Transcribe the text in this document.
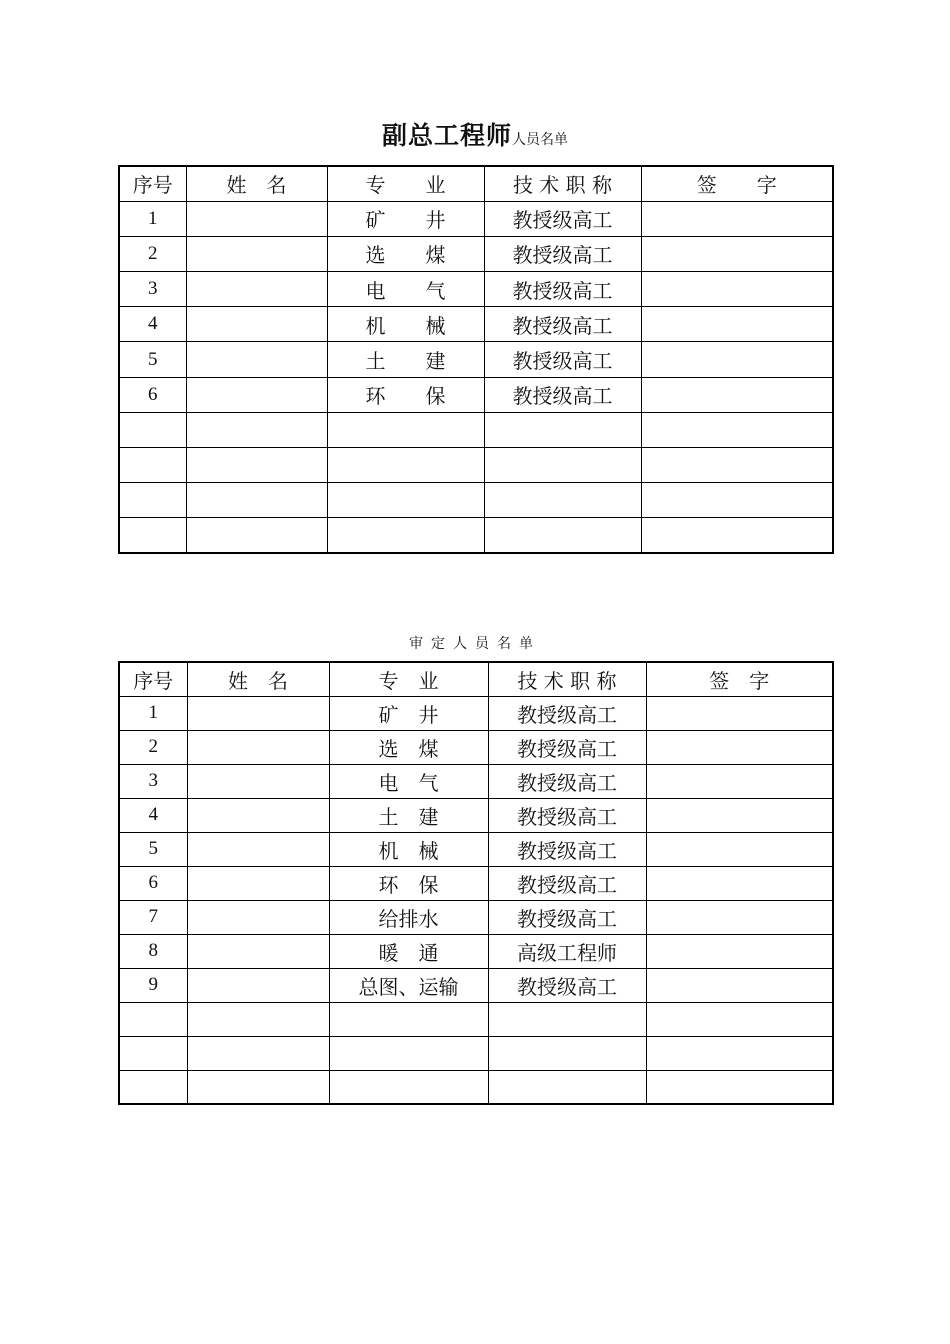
副总工程师人员名单
序号	姓　名	专　　业	技 术 职 称	签　　字
1		矿　　井	教授级高工	
2		选　　煤	教授级高工	
3		电　　气	教授级高工	
4		机　　械	教授级高工	
5		土　　建	教授级高工	
6		环　　保	教授级高工	

审定人员名单
序号	姓　名	专　业	技 术 职 称	签　字
1		矿　井	教授级高工	
2		选　煤	教授级高工	
3		电　气	教授级高工	
4		土　建	教授级高工	
5		机　械	教授级高工	
6		环　保	教授级高工	
7		给排水	教授级高工	
8		暖　通	高级工程师	
9		总图、运输	教授级高工	
